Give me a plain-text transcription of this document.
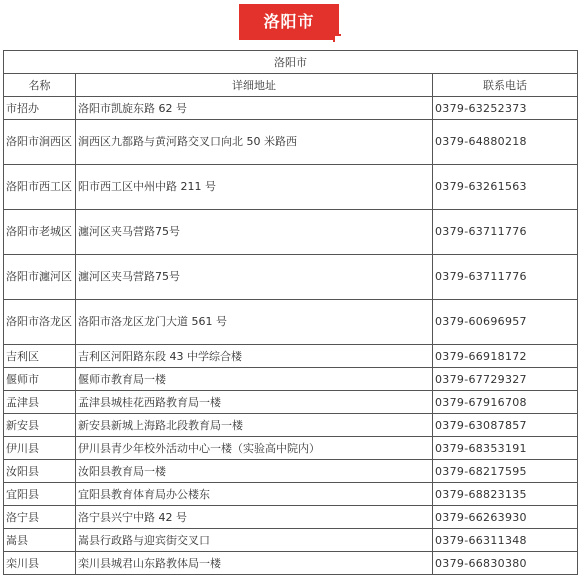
洛阳市
洛阳市		
名称	详细地址	联系电话
市招办	洛阳市凯旋东路 62 号	0379-63252373
洛阳市涧西区	涧西区九都路与黄河路交叉口向北 50 米路西	0379-64880218
洛阳市西工区	阳市西工区中州中路 211 号	0379-63261563
洛阳市老城区	瀍河区夹马营路75号	0379-63711776
洛阳市瀍河区	瀍河区夹马营路75号	0379-63711776
洛阳市洛龙区	洛阳市洛龙区龙门大道 561 号	0379-60696957
吉利区	吉利区河阳路东段 43 中学综合楼	0379-66918172
偃师市	偃师市教育局一楼	0379-67729327
孟津县	孟津县城桂花西路教育局一楼	0379-67916708
新安县	新安县新城上海路北段教育局一楼	0379-63087857
伊川县	伊川县青少年校外活动中心一楼（实验高中院内）	0379-68353191
汝阳县	汝阳县教育局一楼	0379-68217595
宜阳县	宜阳县教育体育局办公楼东	0379-68823135
洛宁县	洛宁县兴宁中路 42 号	0379-66263930
嵩县	嵩县行政路与迎宾街交叉口	0379-66311348
栾川县	栾川县城君山东路教体局一楼	0379-66830380
